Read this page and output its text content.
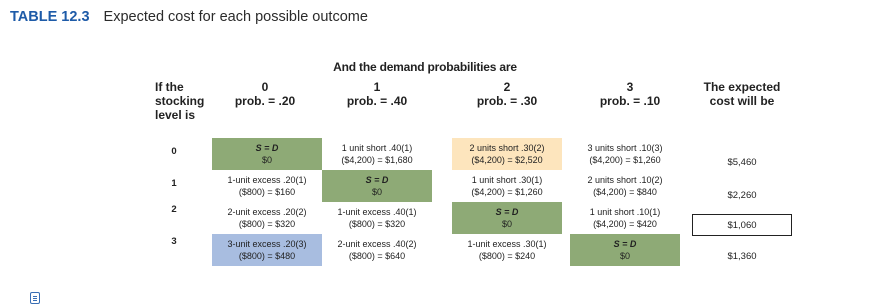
TABLE 12.3 Expected cost for each possible outcome
And the demand probabilities are
If the
stocking
level is
0
prob. = .20
1
prob. = .40
2
prob. = .30
3
prob. = .10
The expected
cost will be
0
1
2
3
S = D
$0
1 unit short .40(1)
($4,200) = $1,680
2 units short .30(2)
($4,200) = $2,520
3 units short .10(3)
($4,200) = $1,260
1-unit excess .20(1)
($800) = $160
S = D
$0
1 unit short .30(1)
($4,200) = $1,260
2 units short .10(2)
($4,200) = $840
2-unit excess .20(2)
($800) = $320
1-unit excess .40(1)
($800) = $320
S = D
$0
1 unit short .10(1)
($4,200) = $420
3-unit excess .20(3)
($800) = $480
2-unit excess .40(2)
($800) = $640
1-unit excess .30(1)
($800) = $240
S = D
$0
$5,460
$2,260
$1,060
$1,360
